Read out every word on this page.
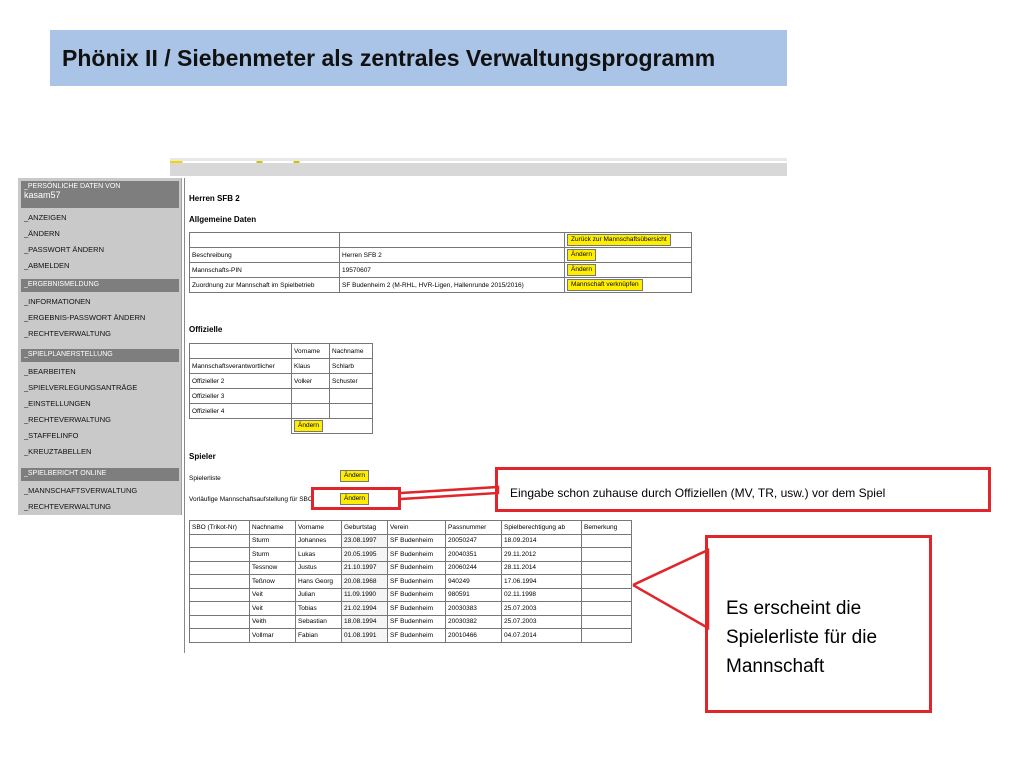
Phönix II / Siebenmeter als zentrales Verwaltungsprogramm
_PERSÖNLICHE DATEN VON
kasam57
_ANZEIGEN
_ÄNDERN
_PASSWORT ÄNDERN
_ABMELDEN
_ERGEBNISMELDUNG
_INFORMATIONEN
_ERGEBNIS-PASSWORT ÄNDERN
_RECHTEVERWALTUNG
_SPIELPLANERSTELLUNG
_BEARBEITEN
_SPIELVERLEGUNGSANTRÄGE
_EINSTELLUNGEN
_RECHTEVERWALTUNG
_STAFFELINFO
_KREUZTABELLEN
_SPIELBERICHT ONLINE
_MANNSCHAFTSVERWALTUNG
_RECHTEVERWALTUNG
Herren SFB 2
Allgemeine Daten
		Zurück zur Mannschaftsübersicht
Beschreibung	Herren SFB 2	Ändern
Mannschafts-PIN	19570607	Ändern
Zuordnung zur Mannschaft im Spielbetrieb	SF Budenheim 2 (M-RHL, HVR-Ligen, Hallenrunde 2015/2016)	Mannschaft verknüpfen
Offizielle
	Vorname	Nachname
Mannschaftsverantwortlicher	Klaus	Schlarb
Offizieller 2	Volker	Schuster
Offizieller 3		
Offizieller 4		
	Ändern	
Spieler
Spielerliste	Ändern
Vorläufige Mannschaftsaufstellung für SBO	Ändern
SBO (Trikot-Nr)	Nachname	Vorname	Geburtstag	Verein	Passnummer	Spielberechtigung ab	Bemerkung
	Sturm	Johannes	23.08.1997	SF Budenheim	20050247	18.09.2014	
	Sturm	Lukas	20.05.1995	SF Budenheim	20040351	29.11.2012	
	Tessnow	Justus	21.10.1997	SF Budenheim	20060244	28.11.2014	
	Teßnow	Hans Georg	20.08.1968	SF Budenheim	940249	17.06.1994	
	Veit	Julian	11.09.1990	SF Budenheim	980591	02.11.1998	
	Veit	Tobias	21.02.1994	SF Budenheim	20030383	25.07.2003	
	Veith	Sebastian	18.08.1994	SF Budenheim	20030382	25.07.2003	
	Vollmar	Fabian	01.08.1991	SF Budenheim	20010466	04.07.2014	
Eingabe schon zuhause durch Offiziellen (MV, TR, usw.) vor dem Spiel
Es erscheint die Spielerliste für die Mannschaft
